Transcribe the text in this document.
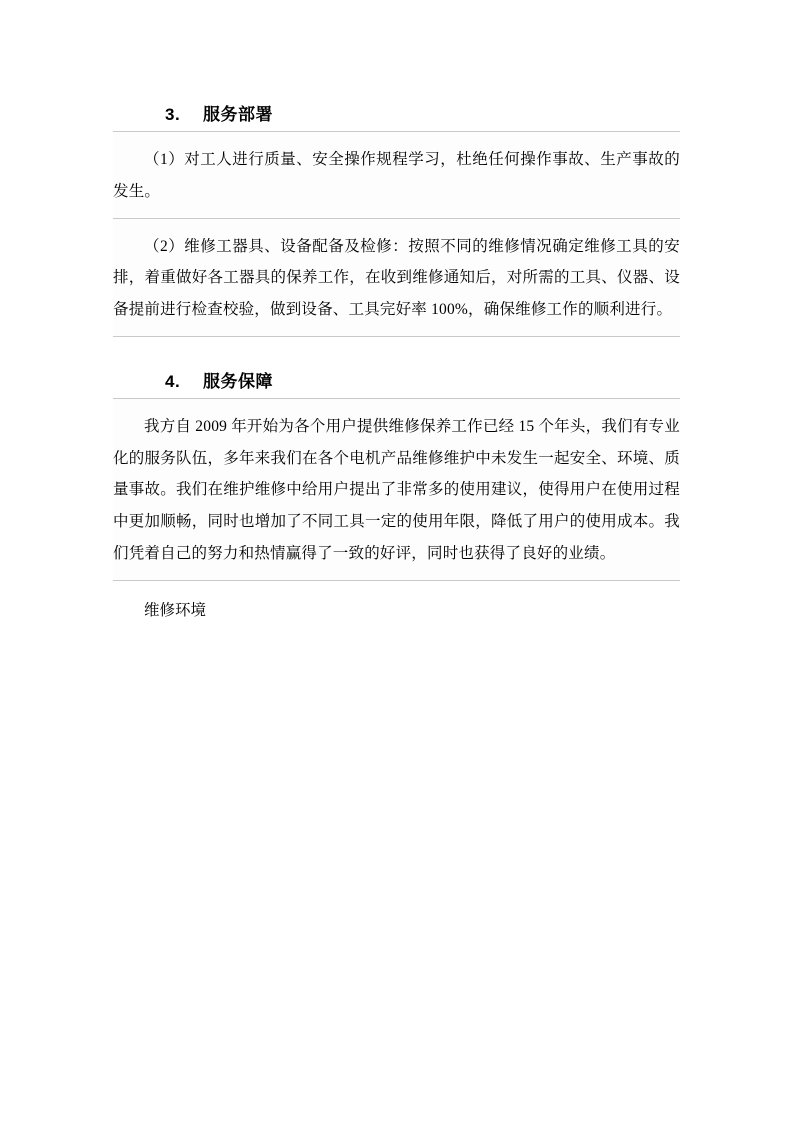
3. 服务部署

（1）对工人进行质量、安全操作规程学习，杜绝任何操作事故、生产事故的发生。

（2）维修工器具、设备配备及检修：按照不同的维修情况确定维修工具的安排，着重做好各工器具的保养工作，在收到维修通知后，对所需的工具、仪器、设备提前进行检查校验，做到设备、工具完好率 100%，确保维修工作的顺利进行。

4. 服务保障

我方自 2009 年开始为各个用户提供维修保养工作已经 15 个年头，我们有专业化的服务队伍，多年来我们在各个电机产品维修维护中未发生一起安全、环境、质量事故。我们在维护维修中给用户提出了非常多的使用建议，使得用户在使用过程中更加顺畅，同时也增加了不同工具一定的使用年限，降低了用户的使用成本。我们凭着自己的努力和热情赢得了一致的好评，同时也获得了良好的业绩。

维修环境
